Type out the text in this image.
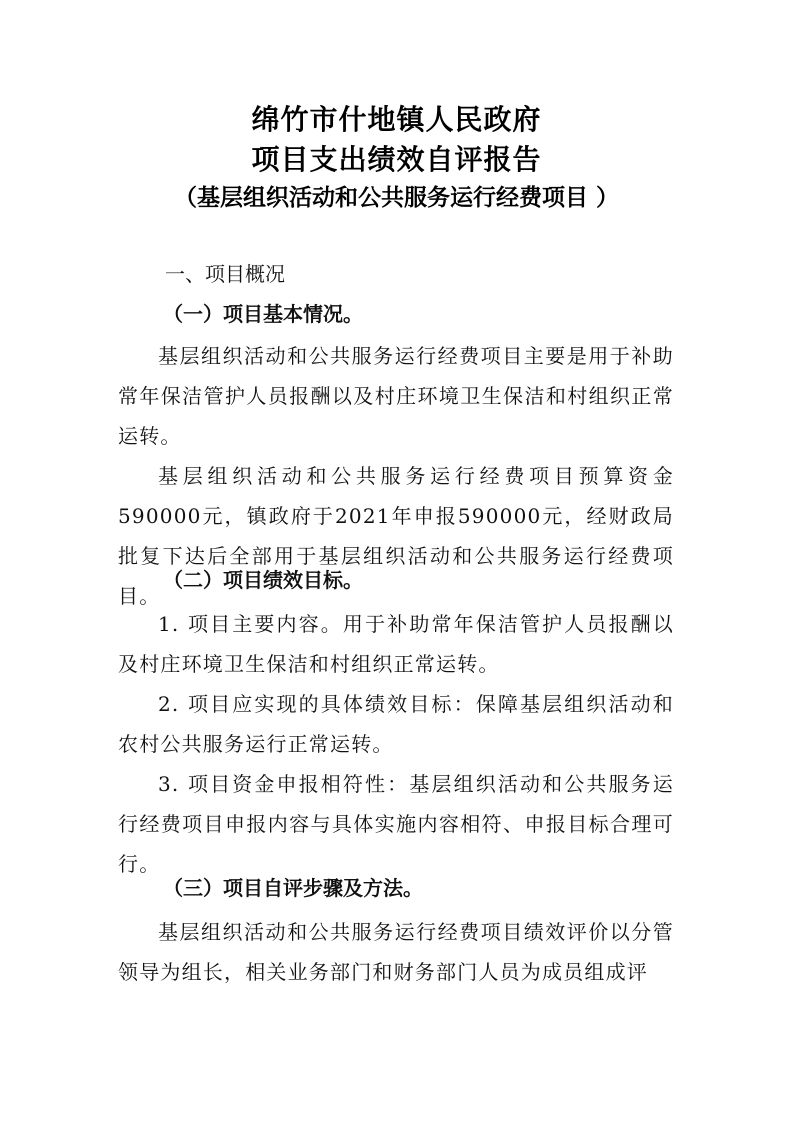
绵竹市什地镇人民政府
项目支出绩效自评报告
（基层组织活动和公共服务运行经费项目 ）
一、项目概况
（一）项目基本情况。
基层组织活动和公共服务运行经费项目主要是用于补助常年保洁管护人员报酬以及村庄环境卫生保洁和村组织正常运转。
基层组织活动和公共服务运行经费项目预算资金590000元，镇政府于2021年申报590000元，经财政局批复下达后全部用于基层组织活动和公共服务运行经费项目。
（二）项目绩效目标。
1. 项目主要内容。用于补助常年保洁管护人员报酬以及村庄环境卫生保洁和村组织正常运转。
2. 项目应实现的具体绩效目标：保障基层组织活动和农村公共服务运行正常运转。
3. 项目资金申报相符性：基层组织活动和公共服务运行经费项目申报内容与具体实施内容相符、申报目标合理可行。
（三）项目自评步骤及方法。
基层组织活动和公共服务运行经费项目绩效评价以分管领导为组长，相关业务部门和财务部门人员为成员组成评
